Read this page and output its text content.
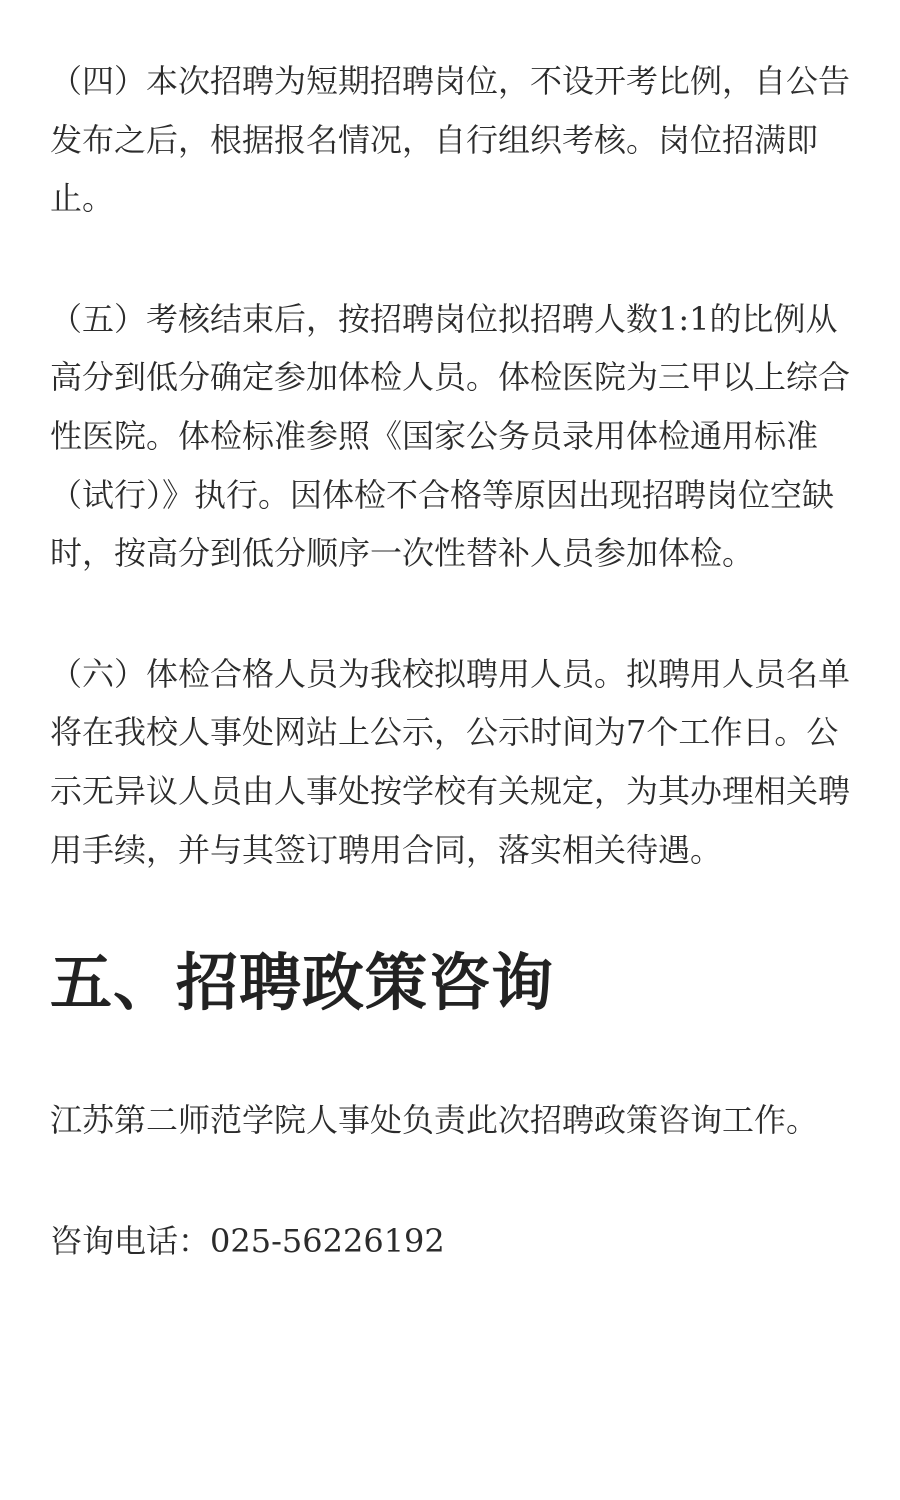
（四）本次招聘为短期招聘岗位，不设开考比例，自公告发布之后，根据报名情况，自行组织考核。岗位招满即止。

（五）考核结束后，按招聘岗位拟招聘人数1:1的比例从高分到低分确定参加体检人员。体检医院为三甲以上综合性医院。体检标准参照《国家公务员录用体检通用标准（试行）》执行。因体检不合格等原因出现招聘岗位空缺时，按高分到低分顺序一次性替补人员参加体检。

（六）体检合格人员为我校拟聘用人员。拟聘用人员名单将在我校人事处网站上公示，公示时间为7个工作日。公示无异议人员由人事处按学校有关规定，为其办理相关聘用手续，并与其签订聘用合同，落实相关待遇。

五、招聘政策咨询

江苏第二师范学院人事处负责此次招聘政策咨询工作。

咨询电话：025-56226192
